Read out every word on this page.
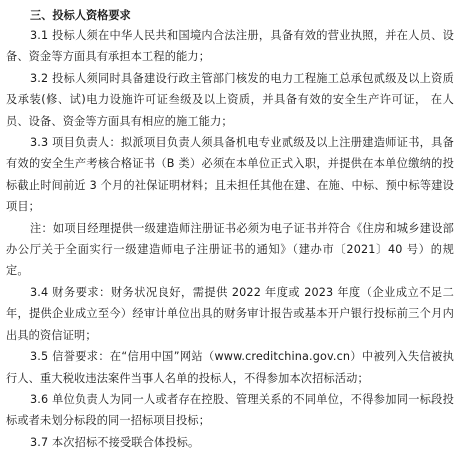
三、投标人资格要求

3.1 投标人须在中华人民共和国境内合法注册，具备有效的营业执照，并在人员、设备、资金等方面具有承担本工程的能力；

3.2 投标人须同时具备建设行政主管部门核发的电力工程施工总承包贰级及以上资质及承装(修、试)电力设施许可证叁级及以上资质，并具备有效的安全生产许可证， 在人员、设备、资金等方面具有相应的施工能力；

3.3 项目负责人：拟派项目负责人须具备机电专业贰级及以上注册建造师证书，具备有效的安全生产考核合格证书（B 类）必须在本单位正式入职，并提供在本单位缴纳的投标截止时间前近 3 个月的社保证明材料；且未担任其他在建、在施、中标、预中标等建设项目；

注：如项目经理提供一级建造师注册证书必须为电子证书并符合《住房和城乡建设部办公厅关于全面实行一级建造师电子注册证书的通知》（建办市〔2021〕40 号）的规定。

3.4 财务要求：财务状况良好，需提供 2022 年度或 2023 年度（企业成立不足二年，提供企业成立至今）经审计单位出具的财务审计报告或基本开户银行投标前三个月内出具的资信证明；

3.5 信誉要求：在“信用中国”网站（www.creditchina.gov.cn）中被列入失信被执行人、重大税收违法案件当事人名单的投标人，不得参加本次招标活动；

3.6 单位负责人为同一人或者存在控股、管理关系的不同单位，不得参加同一标段投标或者未划分标段的同一招标项目投标；

3.7 本次招标不接受联合体投标。
